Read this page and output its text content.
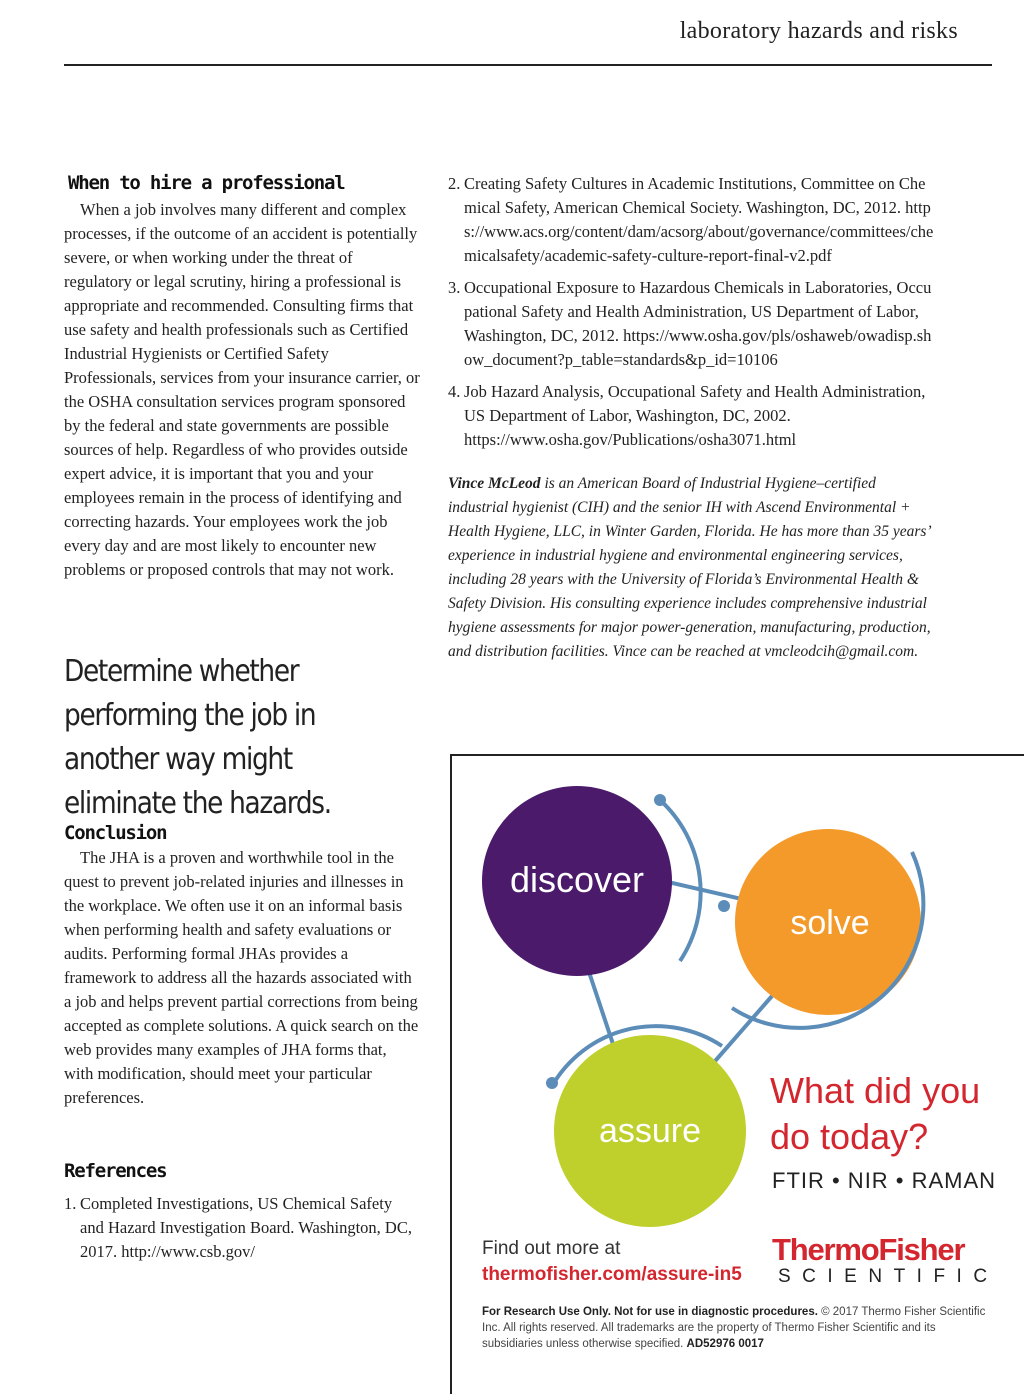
laboratory hazards and risks
When to hire a professional

When a job involves many different and complex processes, if the outcome of an accident is potentially severe, or when working under the threat of regulatory or legal scrutiny, hiring a professional is appropriate and recommended. Consulting firms that use safety and health professionals such as Certified Industrial Hygienists or Certified Safety Professionals, services from your insurance carrier, or the OSHA consultation services program sponsored by the federal and state governments are possible sources of help. Regardless of who provides outside expert advice, it is important that you and your employees remain in the process of identifying and correcting hazards. Your employees work the job every day and are most likely to encounter new problems or proposed controls that may not work.

Determine whether performing the job in another way might eliminate the hazards.
Conclusion

The JHA is a proven and worthwhile tool in the quest to prevent job-related injuries and illnesses in the workplace. We often use it on an informal basis when performing health and safety evaluations or audits. Performing formal JHAs provides a framework to address all the hazards associated with a job and helps prevent partial corrections from being accepted as complete solutions. A quick search on the web provides many examples of JHA forms that, with modification, should meet your particular preferences.

References
1. Completed Investigations, US Chemical Safety and Hazard Investigation Board. Washington, DC, 2017. http://www.csb.gov/
2. Creating Safety Cultures in Academic Institutions, Committee on Chemical Safety, American Chemical Society. Washington, DC, 2012. https://www.acs.org/content/dam/acsorg/about/governance/committees/chemicalsafety/academic-safety-culture-report-final-v2.pdf
3. Occupational Exposure to Hazardous Chemicals in Laboratories, Occupational Safety and Health Administration, US Department of Labor, Washington, DC, 2012. https://www.osha.gov/pls/oshaweb/owadisp.show_document?p_table=standards&p_id=10106
4. Job Hazard Analysis, Occupational Safety and Health Administration, US Department of Labor, Washington, DC, 2002. https://www.osha.gov/Publications/osha3071.html

Vince McLeod is an American Board of Industrial Hygiene–certified industrial hygienist (CIH) and the senior IH with Ascend Environmental + Health Hygiene, LLC, in Winter Garden, Florida. He has more than 35 years’ experience in industrial hygiene and environmental engineering services, including 28 years with the University of Florida’s Environmental Health & Safety Division. His consulting experience includes comprehensive industrial hygiene assessments for major power-generation, manufacturing, production, and distribution facilities. Vince can be reached at vmcleodcih@gmail.com.

discover
solve
assure
What did you
do today?
FTIR • NIR • RAMAN
Find out more at
thermofisher.com/assure-in5
ThermoFisher
SCIENTIFIC
For Research Use Only. Not for use in diagnostic procedures. © 2017 Thermo Fisher Scientific Inc. All rights reserved. All trademarks are the property of Thermo Fisher Scientific and its subsidiaries unless otherwise specified. AD52976 0017
